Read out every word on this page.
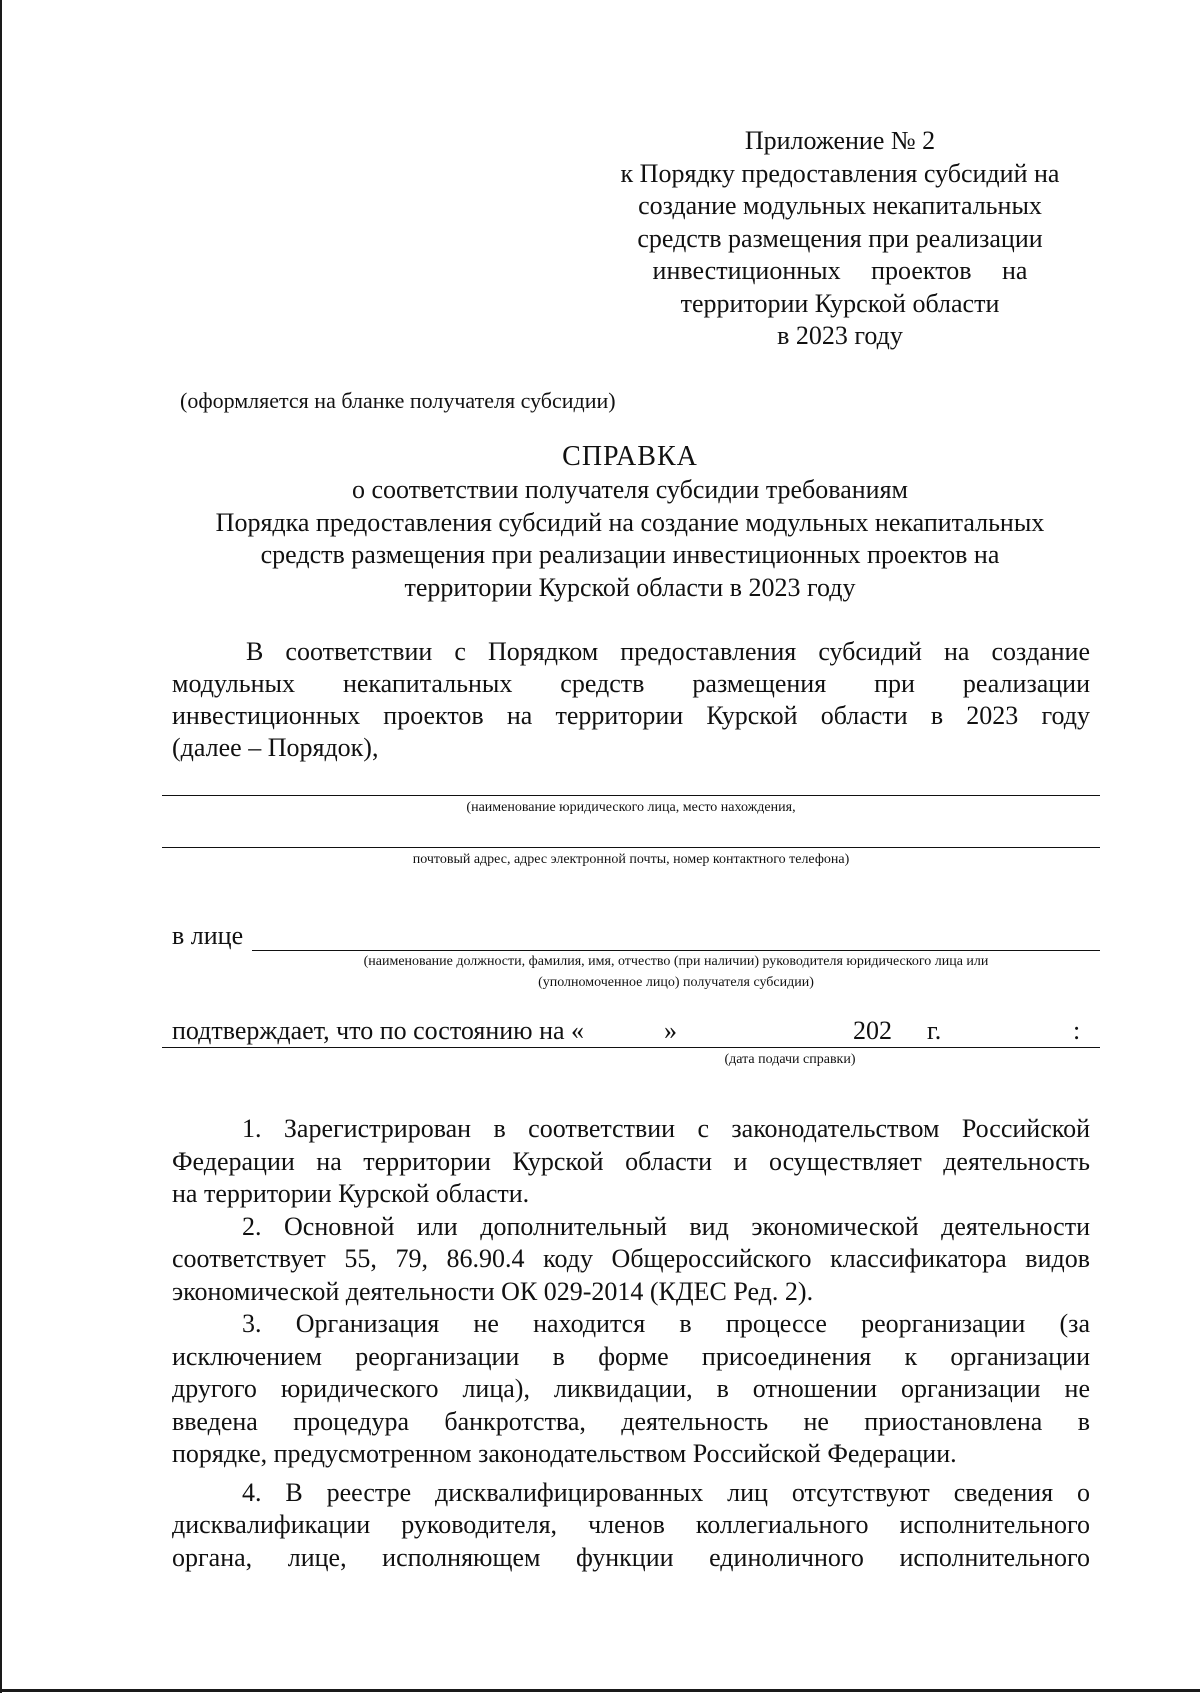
Приложение № 2
к Порядку предоставления субсидий на
создание модульных некапитальных
средств размещения при реализации
инвестиционных проектов на
территории Курской области
в 2023 году
(оформляется на бланке получателя субсидии)
СПРАВКА
о соответствии получателя субсидии требованиям
Порядка предоставления субсидий на создание модульных некапитальных
средств размещения при реализации инвестиционных проектов на
территории Курской области в 2023 году
В соответствии с Порядком предоставления субсидий на создание
модульных некапитальных средств размещения при реализации
инвестиционных проектов на территории Курской области в 2023 году
(далее – Порядок),
(наименование юридического лица, место нахождения,
почтовый адрес, адрес электронной почты, номер контактного телефона)
в лице
(наименование должности, фамилия, имя, отчество (при наличии) руководителя юридического лица или
(уполномоченное лицо) получателя субсидии)
подтверждает, что по состоянию на «	»	202 г.	:
(дата подачи справки)
1. Зарегистрирован в соответствии с законодательством Российской
Федерации на территории Курской области и осуществляет деятельность
на территории Курской области.
2. Основной или дополнительный вид экономической деятельности
соответствует 55, 79, 86.90.4 коду Общероссийского классификатора видов
экономической деятельности ОК 029-2014 (КДЕС Ред. 2).
3. Организация не находится в процессе реорганизации (за
исключением реорганизации в форме присоединения к организации
другого юридического лица), ликвидации, в отношении организации не
введена процедура банкротства, деятельность не приостановлена в
порядке, предусмотренном законодательством Российской Федерации.
4. В реестре дисквалифицированных лиц отсутствуют сведения о
дисквалификации руководителя, членов коллегиального исполнительного
органа, лице, исполняющем функции единоличного исполнительного
